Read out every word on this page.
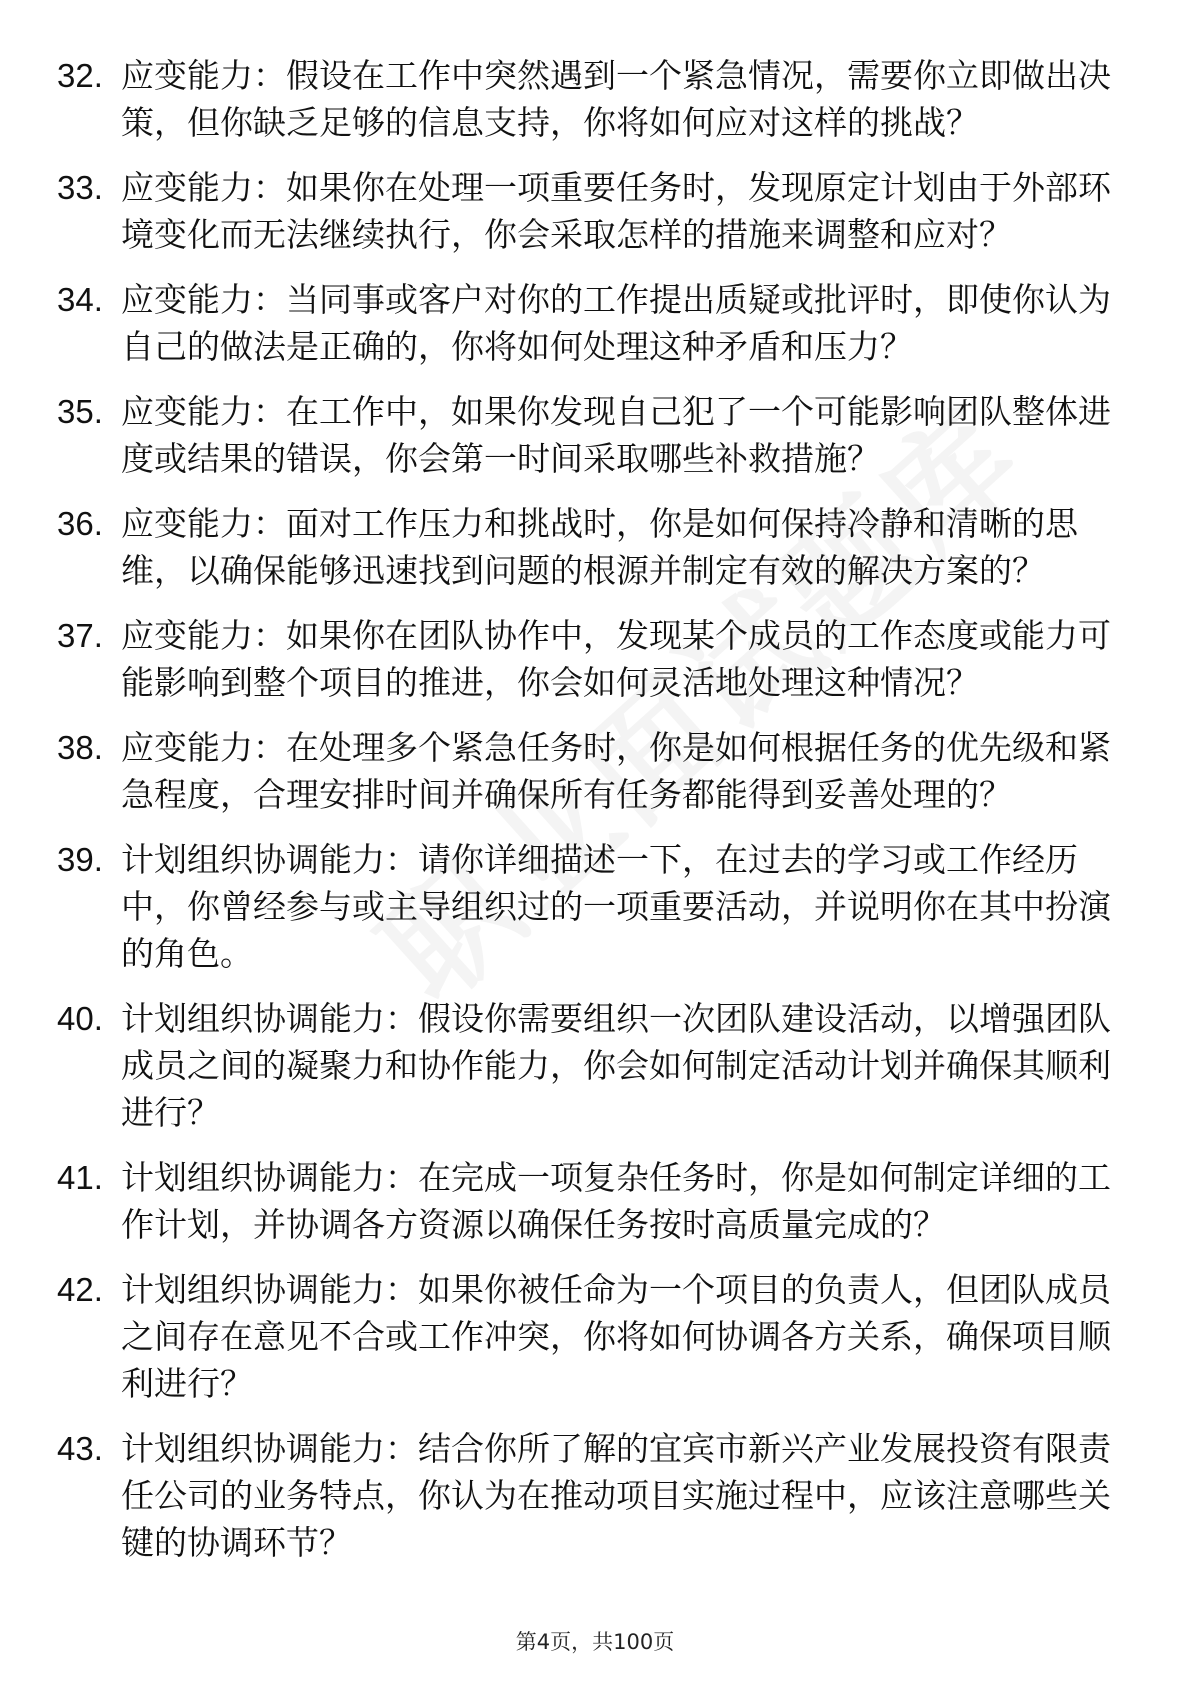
32. 应变能力：假设在工作中突然遇到一个紧急情况，需要你立即做出决策，但你缺乏足够的信息支持，你将如何应对这样的挑战？
33. 应变能力：如果你在处理一项重要任务时，发现原定计划由于外部环境变化而无法继续执行，你会采取怎样的措施来调整和应对？
34. 应变能力：当同事或客户对你的工作提出质疑或批评时，即使你认为自己的做法是正确的，你将如何处理这种矛盾和压力？
35. 应变能力：在工作中，如果你发现自己犯了一个可能影响团队整体进度或结果的错误，你会第一时间采取哪些补救措施？
36. 应变能力：面对工作压力和挑战时，你是如何保持冷静和清晰的思维，以确保能够迅速找到问题的根源并制定有效的解决方案的？
37. 应变能力：如果你在团队协作中，发现某个成员的工作态度或能力可能影响到整个项目的推进，你会如何灵活地处理这种情况？
38. 应变能力：在处理多个紧急任务时，你是如何根据任务的优先级和紧急程度，合理安排时间并确保所有任务都能得到妥善处理的？
39. 计划组织协调能力：请你详细描述一下，在过去的学习或工作经历中，你曾经参与或主导组织过的一项重要活动，并说明你在其中扮演的角色。
40. 计划组织协调能力：假设你需要组织一次团队建设活动，以增强团队成员之间的凝聚力和协作能力，你会如何制定活动计划并确保其顺利进行？
41. 计划组织协调能力：在完成一项复杂任务时，你是如何制定详细的工作计划，并协调各方资源以确保任务按时高质量完成的？
42. 计划组织协调能力：如果你被任命为一个项目的负责人，但团队成员之间存在意见不合或工作冲突，你将如何协调各方关系，确保项目顺利进行？
43. 计划组织协调能力：结合你所了解的宜宾市新兴产业发展投资有限责任公司的业务特点，你认为在推动项目实施过程中，应该注意哪些关键的协调环节？
第4页，共100页
